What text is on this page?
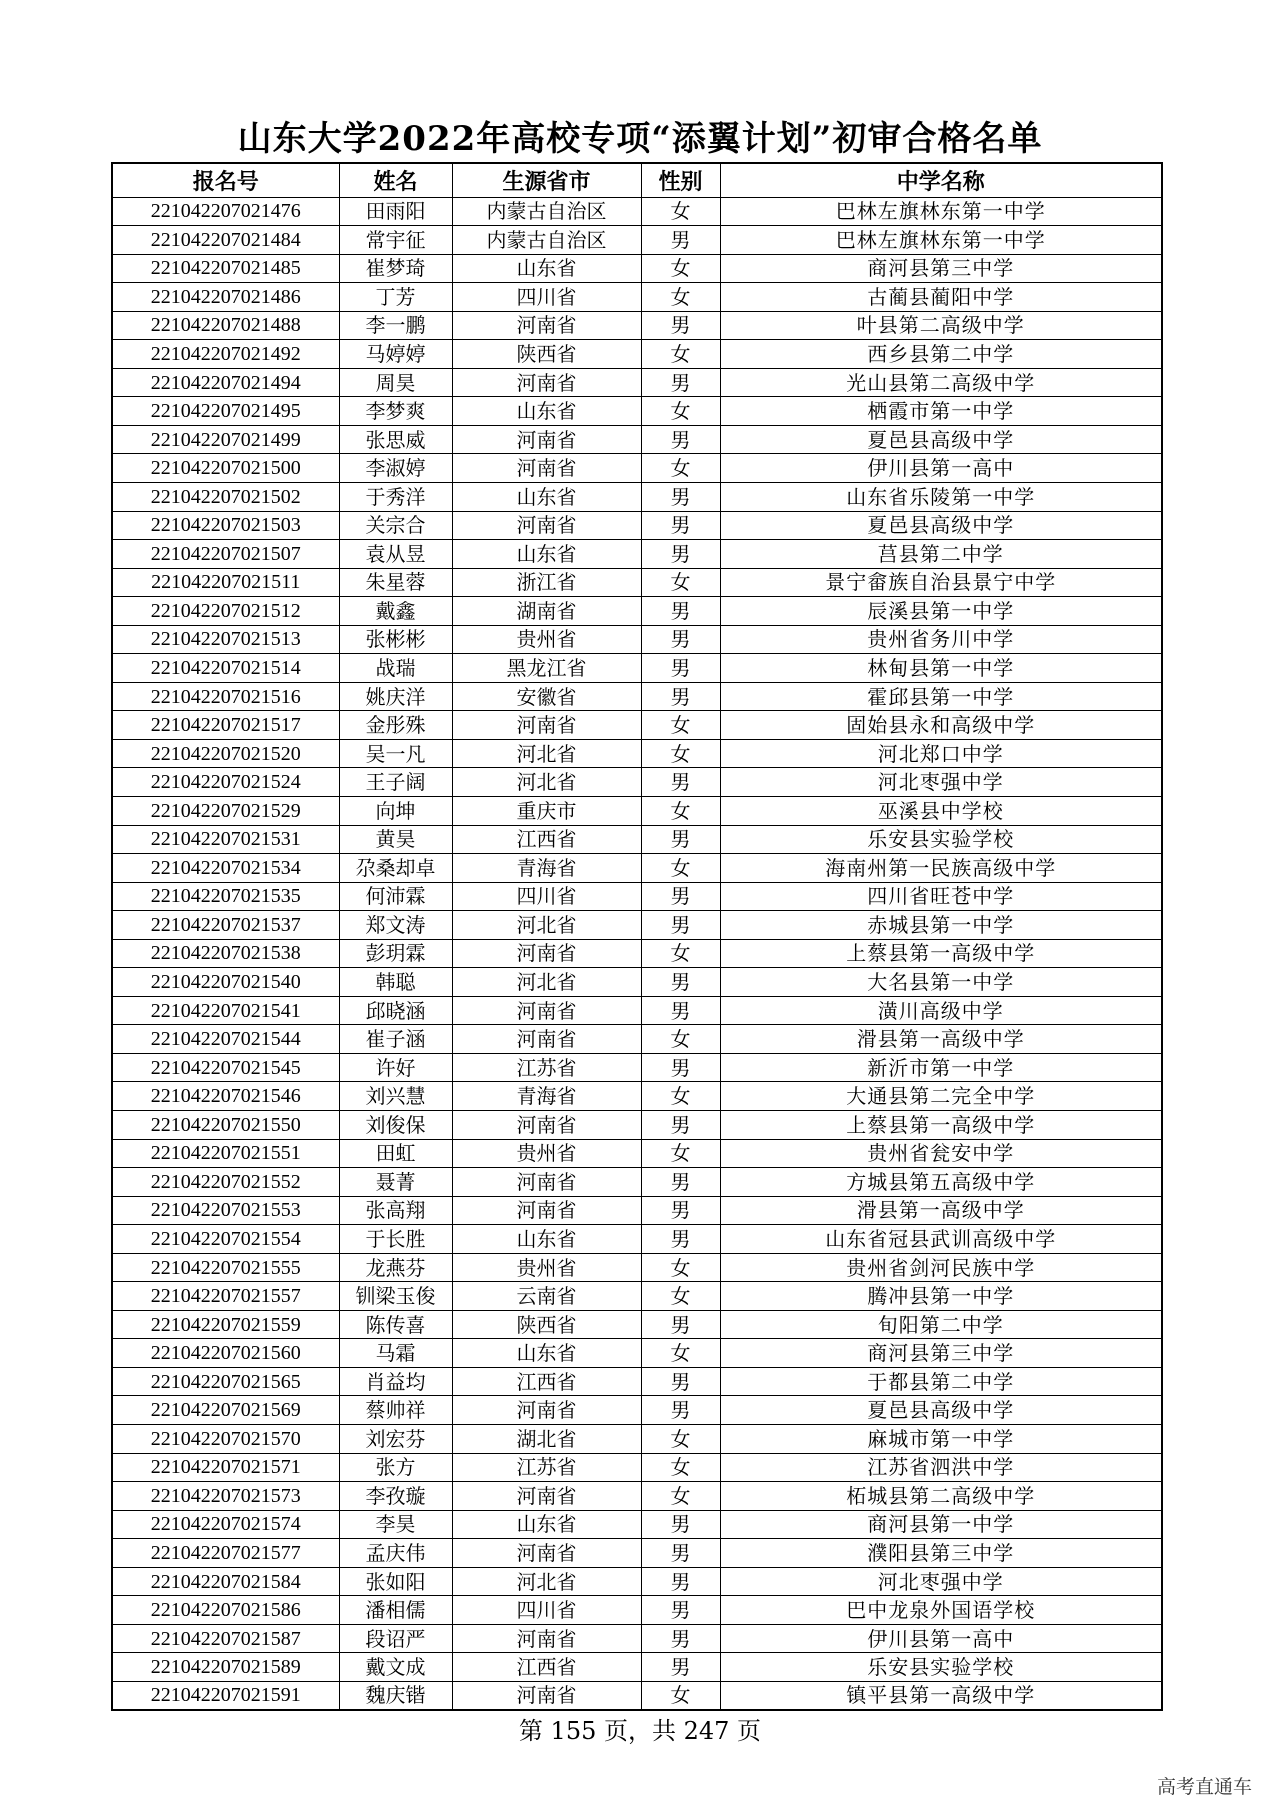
山东大学2022年高校专项“添翼计划”初审合格名单
报名号	姓名	生源省市	性别	中学名称
221042207021476	田雨阳	内蒙古自治区	女	巴林左旗林东第一中学
221042207021484	常宇征	内蒙古自治区	男	巴林左旗林东第一中学
221042207021485	崔梦琦	山东省	女	商河县第三中学
221042207021486	丁芳	四川省	女	古蔺县蔺阳中学
221042207021488	李一鹏	河南省	男	叶县第二高级中学
221042207021492	马婷婷	陕西省	女	西乡县第二中学
221042207021494	周昊	河南省	男	光山县第二高级中学
221042207021495	李梦爽	山东省	女	栖霞市第一中学
221042207021499	张思威	河南省	男	夏邑县高级中学
221042207021500	李淑婷	河南省	女	伊川县第一高中
221042207021502	于秀洋	山东省	男	山东省乐陵第一中学
221042207021503	关宗合	河南省	男	夏邑县高级中学
221042207021507	袁从昱	山东省	男	莒县第二中学
221042207021511	朱星蓉	浙江省	女	景宁畲族自治县景宁中学
221042207021512	戴鑫	湖南省	男	辰溪县第一中学
221042207021513	张彬彬	贵州省	男	贵州省务川中学
221042207021514	战瑞	黑龙江省	男	林甸县第一中学
221042207021516	姚庆洋	安徽省	男	霍邱县第一中学
221042207021517	金彤殊	河南省	女	固始县永和高级中学
221042207021520	吴一凡	河北省	女	河北郑口中学
221042207021524	王子阔	河北省	男	河北枣强中学
221042207021529	向坤	重庆市	女	巫溪县中学校
221042207021531	黄昊	江西省	男	乐安县实验学校
221042207021534	尕桑却卓	青海省	女	海南州第一民族高级中学
221042207021535	何沛霖	四川省	男	四川省旺苍中学
221042207021537	郑文涛	河北省	男	赤城县第一中学
221042207021538	彭玥霖	河南省	女	上蔡县第一高级中学
221042207021540	韩聪	河北省	男	大名县第一中学
221042207021541	邱晓涵	河南省	男	潢川高级中学
221042207021544	崔子涵	河南省	女	滑县第一高级中学
221042207021545	许好	江苏省	男	新沂市第一中学
221042207021546	刘兴慧	青海省	女	大通县第二完全中学
221042207021550	刘俊保	河南省	男	上蔡县第一高级中学
221042207021551	田虹	贵州省	女	贵州省瓮安中学
221042207021552	聂菁	河南省	男	方城县第五高级中学
221042207021553	张高翔	河南省	男	滑县第一高级中学
221042207021554	于长胜	山东省	男	山东省冠县武训高级中学
221042207021555	龙燕芬	贵州省	女	贵州省剑河民族中学
221042207021557	钏梁玉俊	云南省	女	腾冲县第一中学
221042207021559	陈传喜	陕西省	男	旬阳第二中学
221042207021560	马霜	山东省	女	商河县第三中学
221042207021565	肖益均	江西省	男	于都县第二中学
221042207021569	蔡帅祥	河南省	男	夏邑县高级中学
221042207021570	刘宏芬	湖北省	女	麻城市第一中学
221042207021571	张方	江苏省	女	江苏省泗洪中学
221042207021573	李孜璇	河南省	女	柘城县第二高级中学
221042207021574	李昊	山东省	男	商河县第一中学
221042207021577	孟庆伟	河南省	男	濮阳县第三中学
221042207021584	张如阳	河北省	男	河北枣强中学
221042207021586	潘相儒	四川省	男	巴中龙泉外国语学校
221042207021587	段诏严	河南省	男	伊川县第一高中
221042207021589	戴文成	江西省	男	乐安县实验学校
221042207021591	魏庆锴	河南省	女	镇平县第一高级中学
第 155 页，共 247 页
高考直通车
